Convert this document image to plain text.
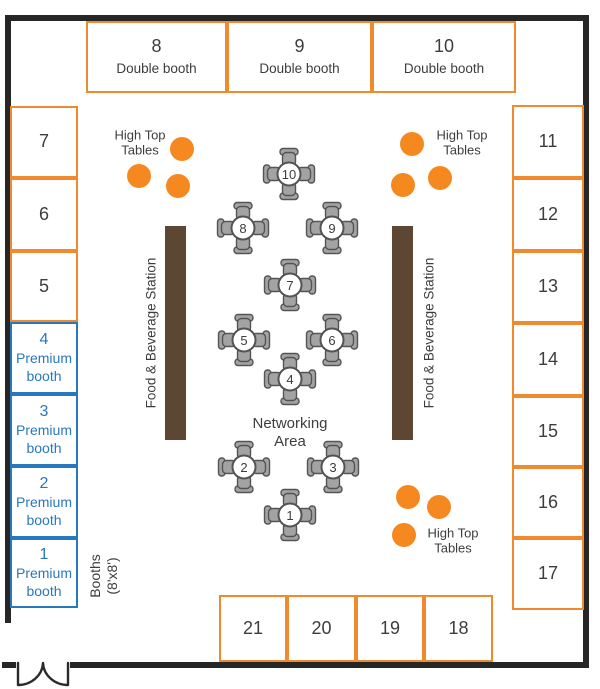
Networking
Area
Booths (8'x8')
8
Double booth
9
Double booth
10
Double booth
7
6
5
4
Premium
booth
3
Premium
booth
2
Premium
booth
1
Premium
booth
11
12
13
14
15
16
17
21	20	19	18
1
2	3
4
5	6
7
8	9
10
High Top
Tables
High Top
Tables
High Top
Tables
Food & Beverage Station	Food & Beverage Station
